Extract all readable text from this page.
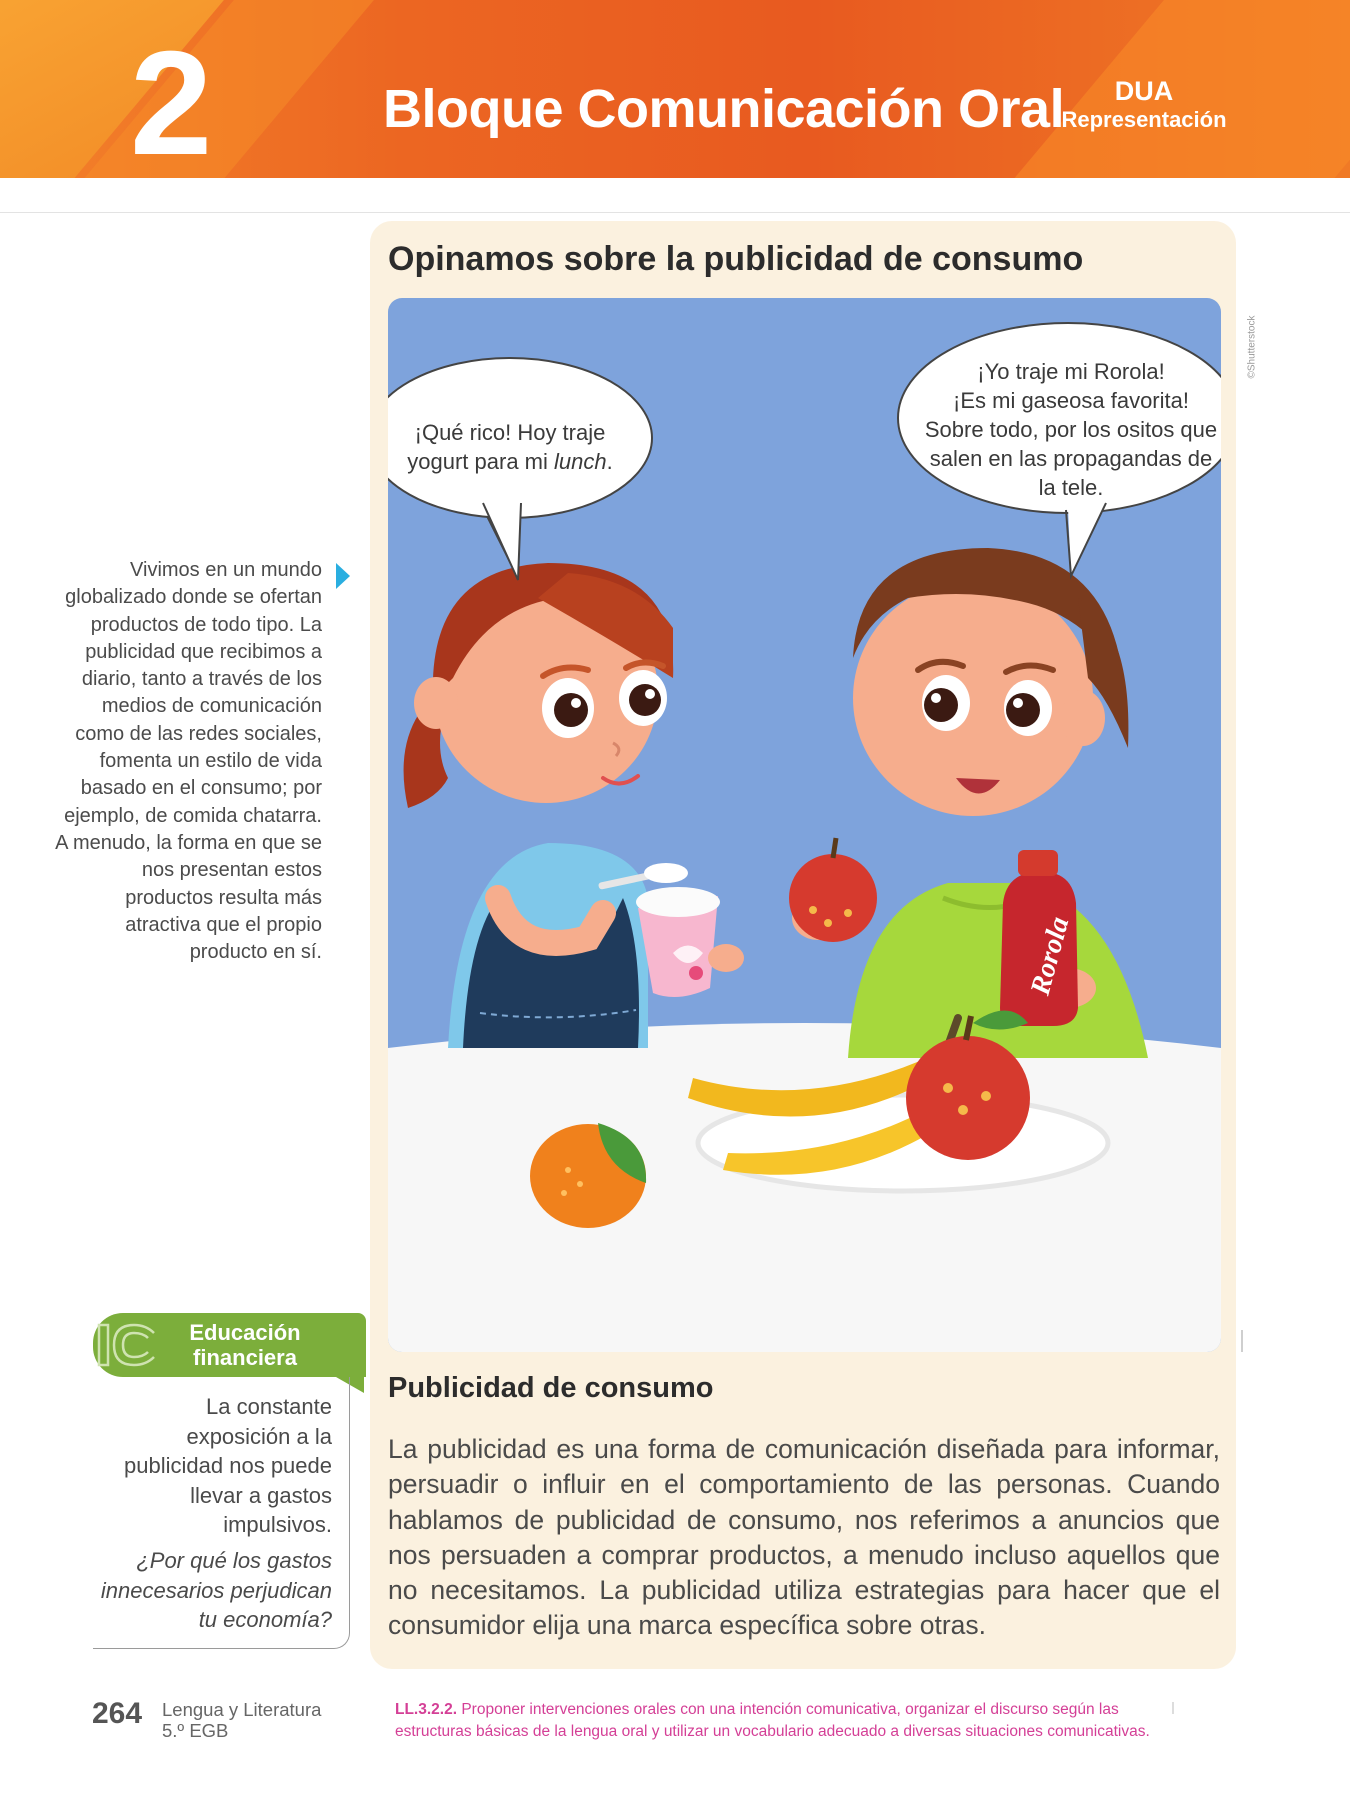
2	Bloque Comunicación Oral	DUA
Representación
Vivimos en un mundo globalizado donde se ofertan productos de todo tipo. La publicidad que recibimos a diario, tanto a través de los medios de comunicación como de las redes sociales, fomenta un estilo de vida basado en el consumo; por ejemplo, de comida chatarra. A menudo, la forma en que se nos presentan estos productos resulta más atractiva que el propio producto en sí.
Opinamos sobre la publicidad de consumo
Rorola
¡Qué rico! Hoy traje yogurt para mi lunch.
¡Yo traje mi Rorola!
¡Es mi gaseosa favorita!
Sobre todo, por los ositos que
salen en las propagandas de
la tele.
©Shutterstock
Publicidad de consumo
La publicidad es una forma de comunicación diseñada para informar, persuadir o influir en el comportamiento de las personas. Cuando hablamos de publicidad de consumo, nos referimos a anuncios que nos persuaden a comprar productos, a menudo incluso aquellos que no necesitamos. La publicidad utiliza estrategias para hacer que el consumidor elija una marca específica sobre otras.
Educación
financiera
La constante exposición a la publicidad nos puede llevar a gastos impulsivos.
¿Por qué los gastos innecesarios perjudican tu economía?
264 Lengua y Literatura
5.º EGB
LL.3.2.2. Proponer intervenciones orales con una intención comunicativa, organizar el discurso según las estructuras básicas de la lengua oral y utilizar un vocabulario adecuado a diversas situaciones comunicativas.
